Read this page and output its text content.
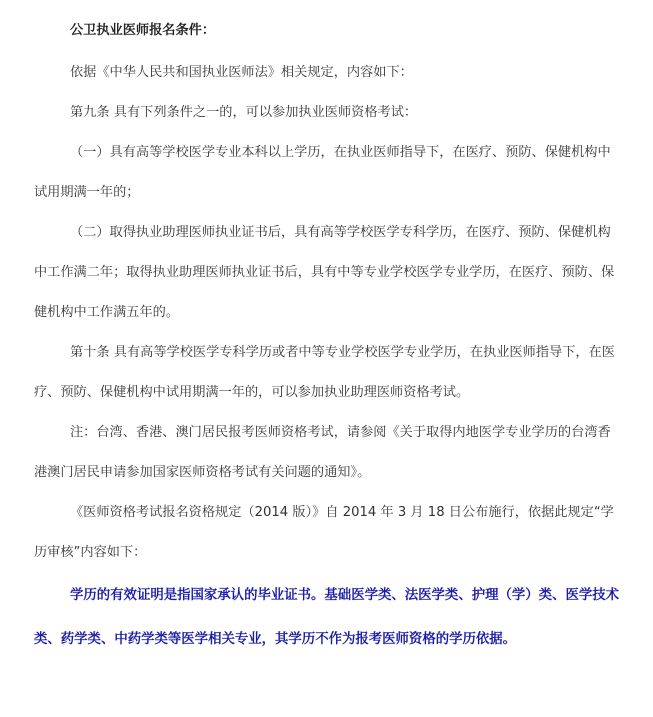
公卫执业医师报名条件：

依据《中华人民共和国执业医师法》相关规定，内容如下：

第九条 具有下列条件之一的，可以参加执业医师资格考试：

（一）具有高等学校医学专业本科以上学历，在执业医师指导下，在医疗、预防、保健机构中试用期满一年的；

（二）取得执业助理医师执业证书后，具有高等学校医学专科学历，在医疗、预防、保健机构中工作满二年；取得执业助理医师执业证书后，具有中等专业学校医学专业学历，在医疗、预防、保健机构中工作满五年的。

第十条 具有高等学校医学专科学历或者中等专业学校医学专业学历，在执业医师指导下，在医疗、预防、保健机构中试用期满一年的，可以参加执业助理医师资格考试。

注：台湾、香港、澳门居民报考医师资格考试，请参阅《关于取得内地医学专业学历的台湾香港澳门居民申请参加国家医师资格考试有关问题的通知》。

《医师资格考试报名资格规定（2014 版）》自 2014 年 3 月 18 日公布施行，依据此规定“学历审核”内容如下：

学历的有效证明是指国家承认的毕业证书。基础医学类、法医学类、护理（学）类、医学技术类、药学类、中药学类等医学相关专业，其学历不作为报考医师资格的学历依据。
